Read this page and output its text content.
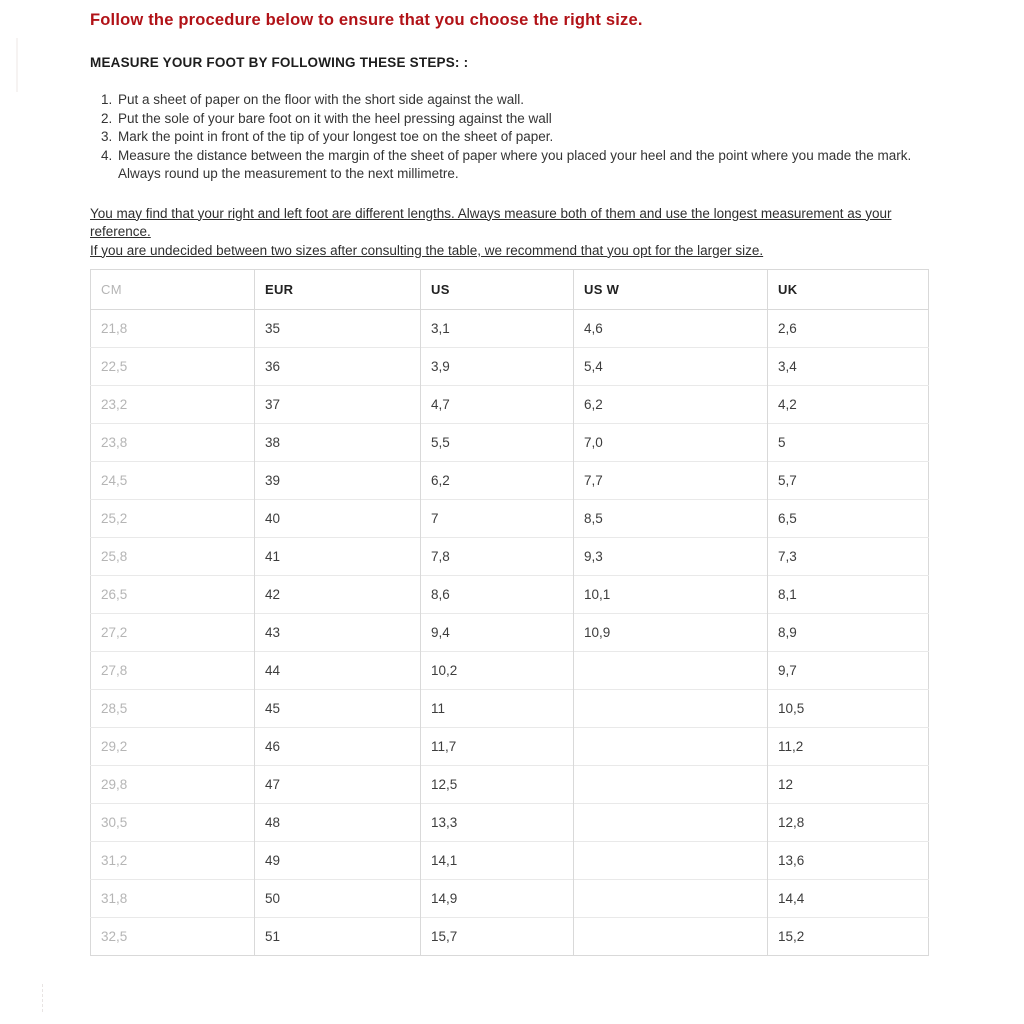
Follow the procedure below to ensure that you choose the right size.
MEASURE YOUR FOOT BY FOLLOWING THESE STEPS: :
1. Put a sheet of paper on the floor with the short side against the wall.
2. Put the sole of your bare foot on it with the heel pressing against the wall
3. Mark the point in front of the tip of your longest toe on the sheet of paper.
4. Measure the distance between the margin of the sheet of paper where you placed your heel and the point where you made the mark. Always round up the measurement to the next millimetre.

You may find that your right and left foot are different lengths. Always measure both of them and use the longest measurement as your reference.

If you are undecided between two sizes after consulting the table, we recommend that you opt for the larger size.

CM	EUR	US	US W	UK
21,8	35	3,1	4,6	2,6
22,5	36	3,9	5,4	3,4
23,2	37	4,7	6,2	4,2
23,8	38	5,5	7,0	5
24,5	39	6,2	7,7	5,7
25,2	40	7	8,5	6,5
25,8	41	7,8	9,3	7,3
26,5	42	8,6	10,1	8,1
27,2	43	9,4	10,9	8,9
27,8	44	10,2		9,7
28,5	45	11		10,5
29,2	46	11,7		11,2
29,8	47	12,5		12
30,5	48	13,3		12,8
31,2	49	14,1		13,6
31,8	50	14,9		14,4
32,5	51	15,7		15,2
